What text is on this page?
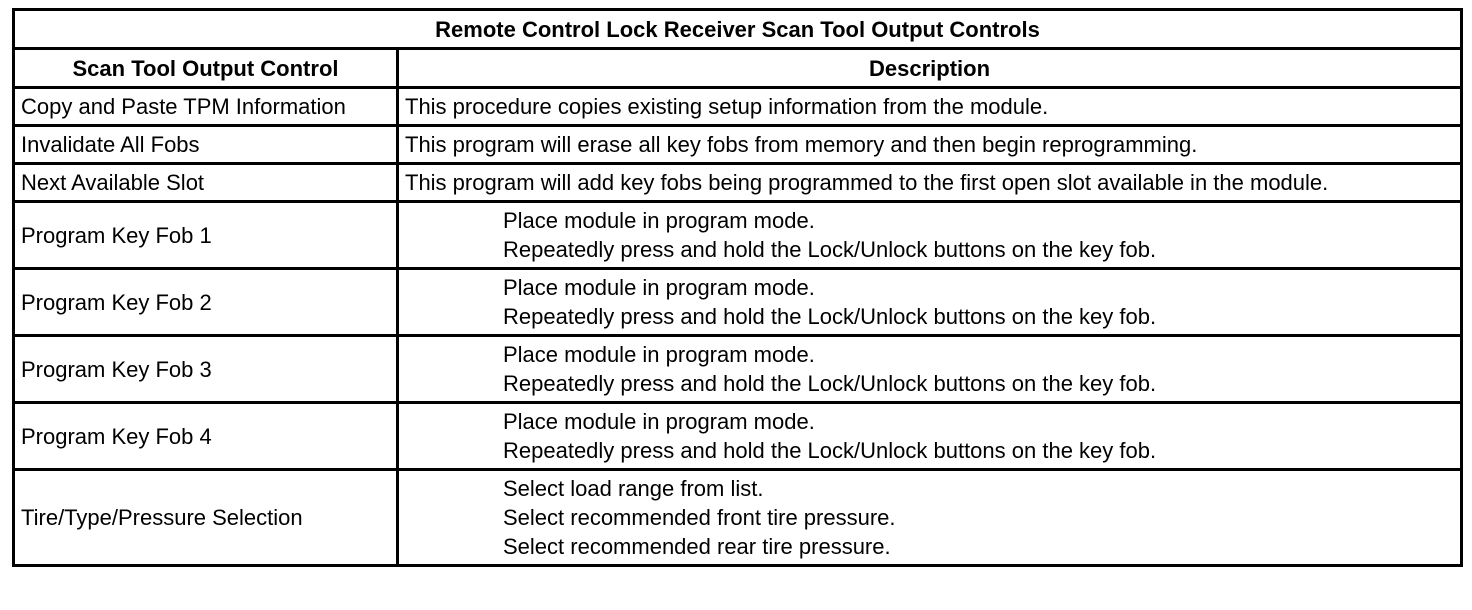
Remote Control Lock Receiver Scan Tool Output Controls	
Scan Tool Output Control	Description
Copy and Paste TPM Information	This procedure copies existing setup information from the module.

Invalidate All Fobs	This program will erase all key fobs from memory and then begin reprogramming.

Next Available Slot	This program will add key fobs being programmed to the first open slot available in the module.

Program Key Fob 1	Place module in program mode.
Repeatedly press and hold the Lock/Unlock buttons on the key fob.

Program Key Fob 2	Place module in program mode.
Repeatedly press and hold the Lock/Unlock buttons on the key fob.

Program Key Fob 3	Place module in program mode.
Repeatedly press and hold the Lock/Unlock buttons on the key fob.

Program Key Fob 4	Place module in program mode.
Repeatedly press and hold the Lock/Unlock buttons on the key fob.

Tire/Type/Pressure Selection	Select load range from list.
Select recommended front tire pressure.
Select recommended rear tire pressure.
